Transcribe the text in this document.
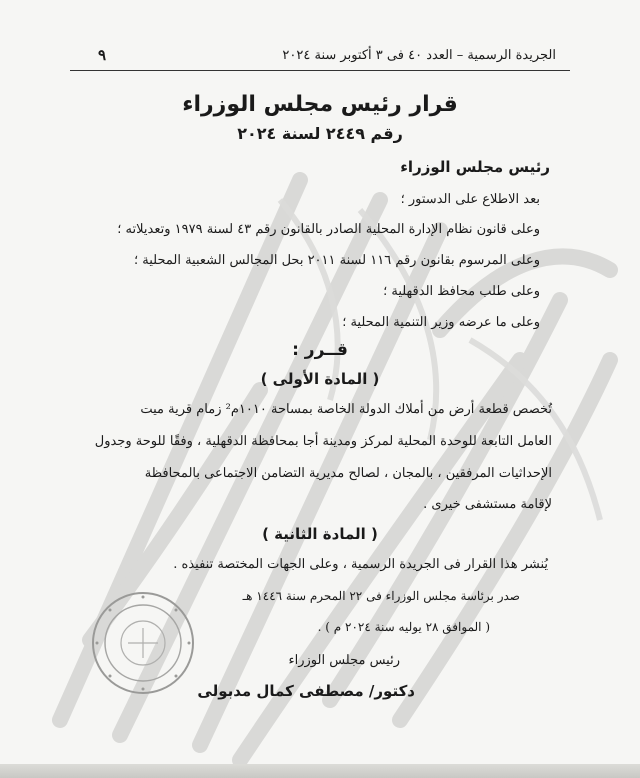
الجريدة الرسمية – العدد ٤٠ فى ٣ أكتوبر سنة ٢٠٢٤
٩
قرار رئيس مجلس الوزراء
رقم ٢٤٤٩ لسنة ٢٠٢٤
رئيس مجلس الوزراء
بعد الاطلاع على الدستور ؛
وعلى قانون نظام الإدارة المحلية الصادر بالقانون رقم ٤٣ لسنة ١٩٧٩ وتعديلاته ؛
وعلى المرسوم بقانون رقم ١١٦ لسنة ٢٠١١ بحل المجالس الشعبية المحلية ؛
وعلى طلب محافظ الدقهلية ؛
وعلى ما عرضه وزير التنمية المحلية ؛
قــرر :
( المادة الأولى )
تُخصص قطعة أرض من أملاك الدولة الخاصة بمساحة ١٠١٠م² زمام قرية ميت
العامل التابعة للوحدة المحلية لمركز ومدينة أجا بمحافظة الدقهلية ، وفقًا للوحة وجدول
الإحداثيات المرفقين ، بالمجان ، لصالح مديرية التضامن الاجتماعى بالمحافظة
لإقامة مستشفى خيرى .
( المادة الثانية )
يُنشر هذا القرار فى الجريدة الرسمية ، وعلى الجهات المختصة تنفيذه .
صدر برئاسة مجلس الوزراء فى ٢٢ المحرم سنة ١٤٤٦ هـ
( الموافق ٢٨ يوليه سنة ٢٠٢٤ م ) .
رئيس مجلس الوزراء
دكتور/ مصطفى كمال مدبولى
